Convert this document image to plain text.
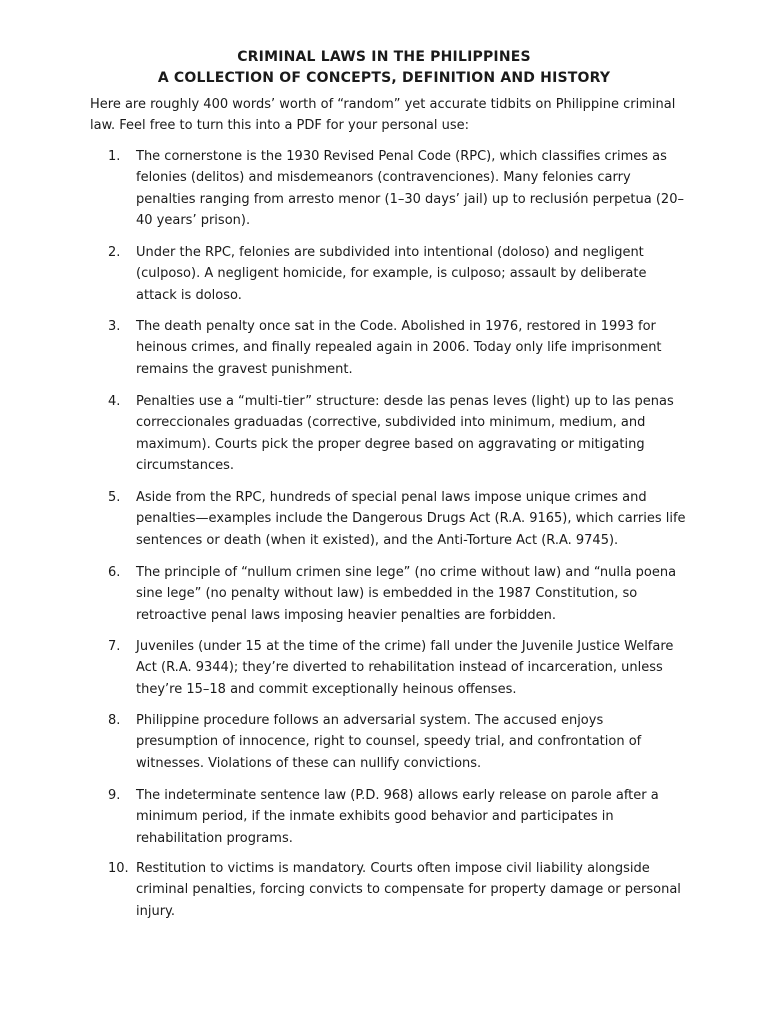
CRIMINAL LAWS IN THE PHILIPPINES
A COLLECTION OF CONCEPTS, DEFINITION AND HISTORY
Here are roughly 400 words’ worth of “random” yet accurate tidbits on Philippine criminal law. Feel free to turn this into a PDF for your personal use:
1.	The cornerstone is the 1930 Revised Penal Code (RPC), which classifies crimes as felonies (delitos) and misdemeanors (contravenciones). Many felonies carry penalties ranging from arresto menor (1–30 days’ jail) up to reclusión perpetua (20–40 years’ prison).
2.	Under the RPC, felonies are subdivided into intentional (doloso) and negligent (culposo). A negligent homicide, for example, is culposo; assault by deliberate attack is doloso.
3.	The death penalty once sat in the Code. Abolished in 1976, restored in 1993 for heinous crimes, and finally repealed again in 2006. Today only life imprisonment remains the gravest punishment.
4.	Penalties use a “multi-tier” structure: desde las penas leves (light) up to las penas correccionales graduadas (corrective, subdivided into minimum, medium, and maximum). Courts pick the proper degree based on aggravating or mitigating circumstances.
5.	Aside from the RPC, hundreds of special penal laws impose unique crimes and penalties—examples include the Dangerous Drugs Act (R.A. 9165), which carries life sentences or death (when it existed), and the Anti-Torture Act (R.A. 9745).
6.	The principle of “nullum crimen sine lege” (no crime without law) and “nulla poena sine lege” (no penalty without law) is embedded in the 1987 Constitution, so retroactive penal laws imposing heavier penalties are forbidden.
7.	Juveniles (under 15 at the time of the crime) fall under the Juvenile Justice Welfare Act (R.A. 9344); they’re diverted to rehabilitation instead of incarceration, unless they’re 15–18 and commit exceptionally heinous offenses.
8.	Philippine procedure follows an adversarial system. The accused enjoys presumption of innocence, right to counsel, speedy trial, and confrontation of witnesses. Violations of these can nullify convictions.
9.	The indeterminate sentence law (P.D. 968) allows early release on parole after a minimum period, if the inmate exhibits good behavior and participates in rehabilitation programs.
10. Restitution to victims is mandatory. Courts often impose civil liability alongside criminal penalties, forcing convicts to compensate for property damage or personal injury.
